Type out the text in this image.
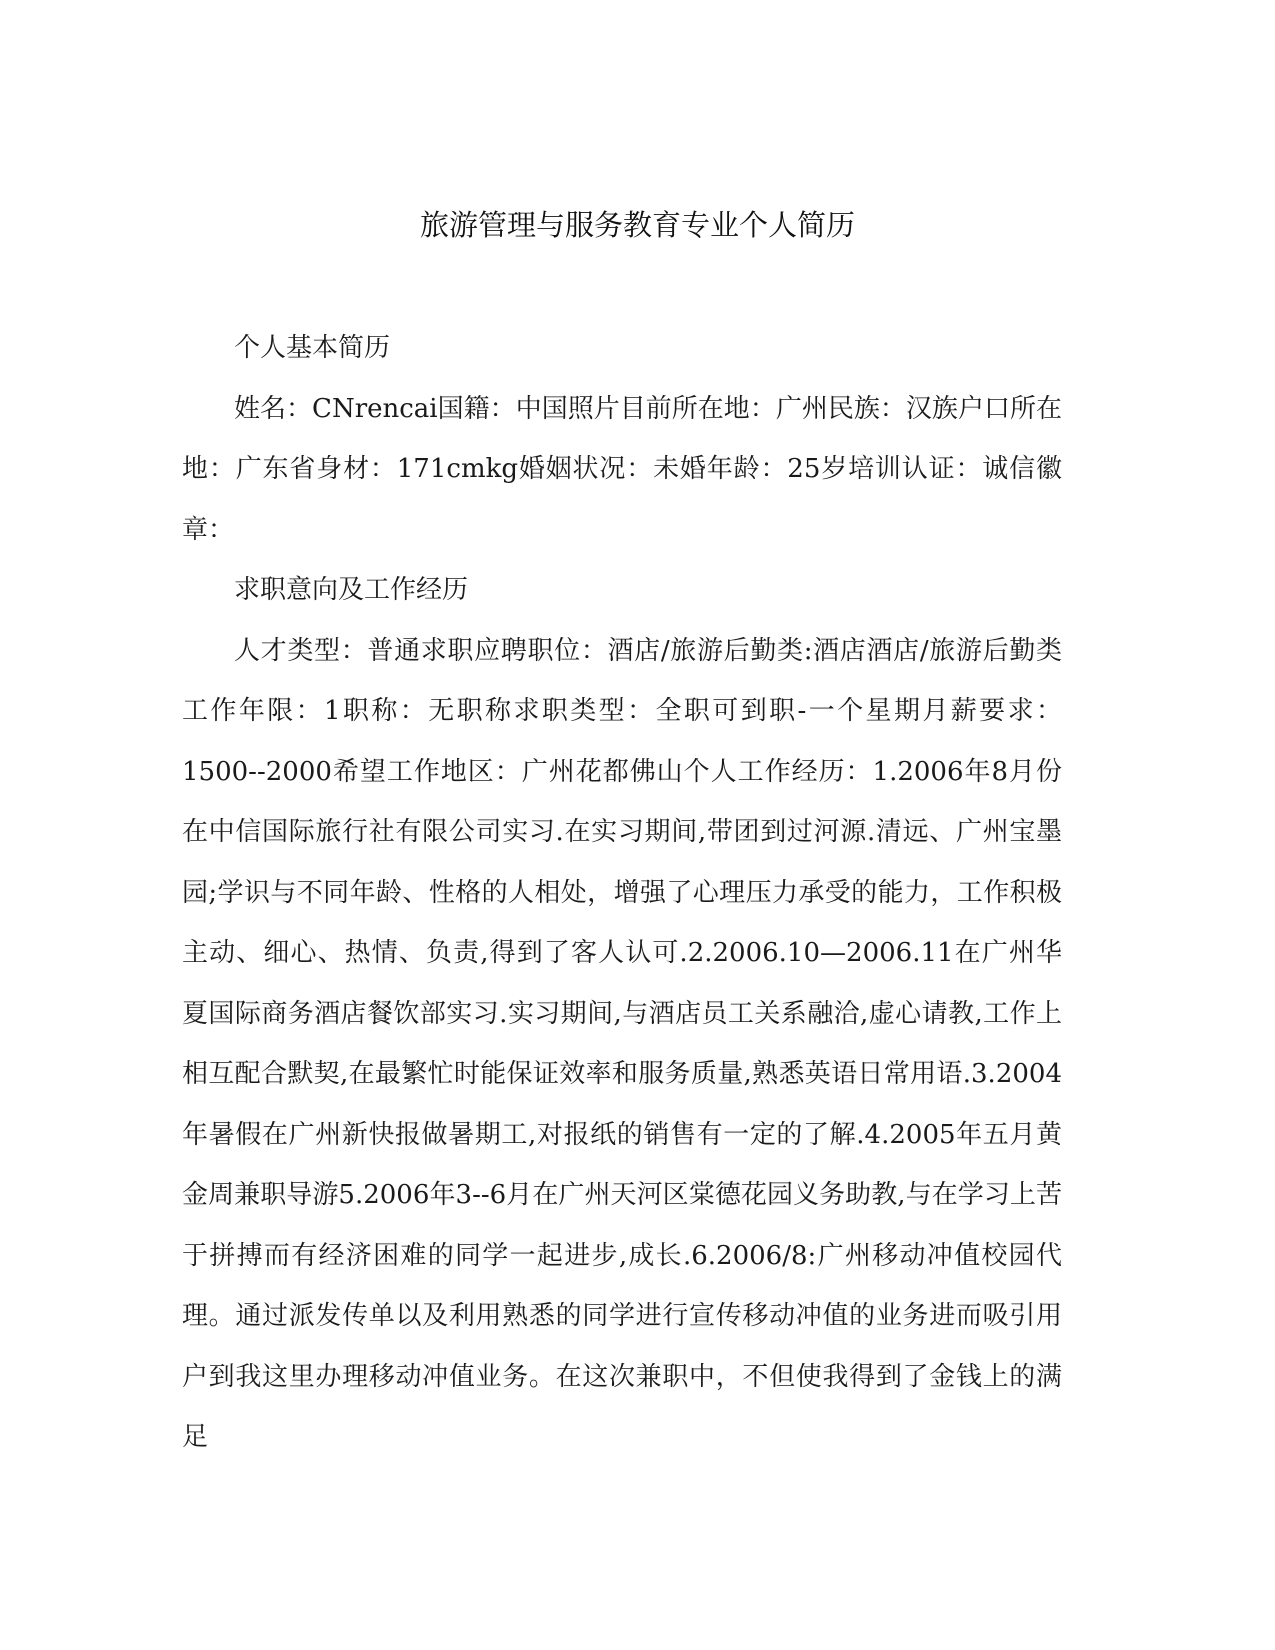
旅游管理与服务教育专业个人简历

个人基本简历

姓名：CNrencai国籍：中国照片目前所在地：广州民族：汉族户口所在地：广东省身材：171cmkg婚姻状况：未婚年龄：25岁培训认证：诚信徽章：

求职意向及工作经历

人才类型：普通求职应聘职位：酒店/旅游后勤类:酒店酒店/旅游后勤类工作年限：1职称：无职称求职类型：全职可到职-一个星期月薪要求：1500--2000希望工作地区：广州花都佛山个人工作经历：1.2006年8月份在中信国际旅行社有限公司实习.在实习期间,带团到过河源.清远、广州宝墨园;学识与不同年龄、性格的人相处，增强了心理压力承受的能力，工作积极主动、细心、热情、负责,得到了客人认可.2.2006.10—2006.11在广州华夏国际商务酒店餐饮部实习.实习期间,与酒店员工关系融洽,虚心请教,工作上相互配合默契,在最繁忙时能保证效率和服务质量,熟悉英语日常用语.3.2004年暑假在广州新快报做暑期工,对报纸的销售有一定的了解.4.2005年五月黄金周兼职导游5.2006年3--6月在广州天河区棠德花园义务助教,与在学习上苦于拼搏而有经济困难的同学一起进步,成长.6.2006/8:广州移动冲值校园代理。通过派发传单以及利用熟悉的同学进行宣传移动冲值的业务进而吸引用户到我这里办理移动冲值业务。在这次兼职中，不但使我得到了金钱上的满足
